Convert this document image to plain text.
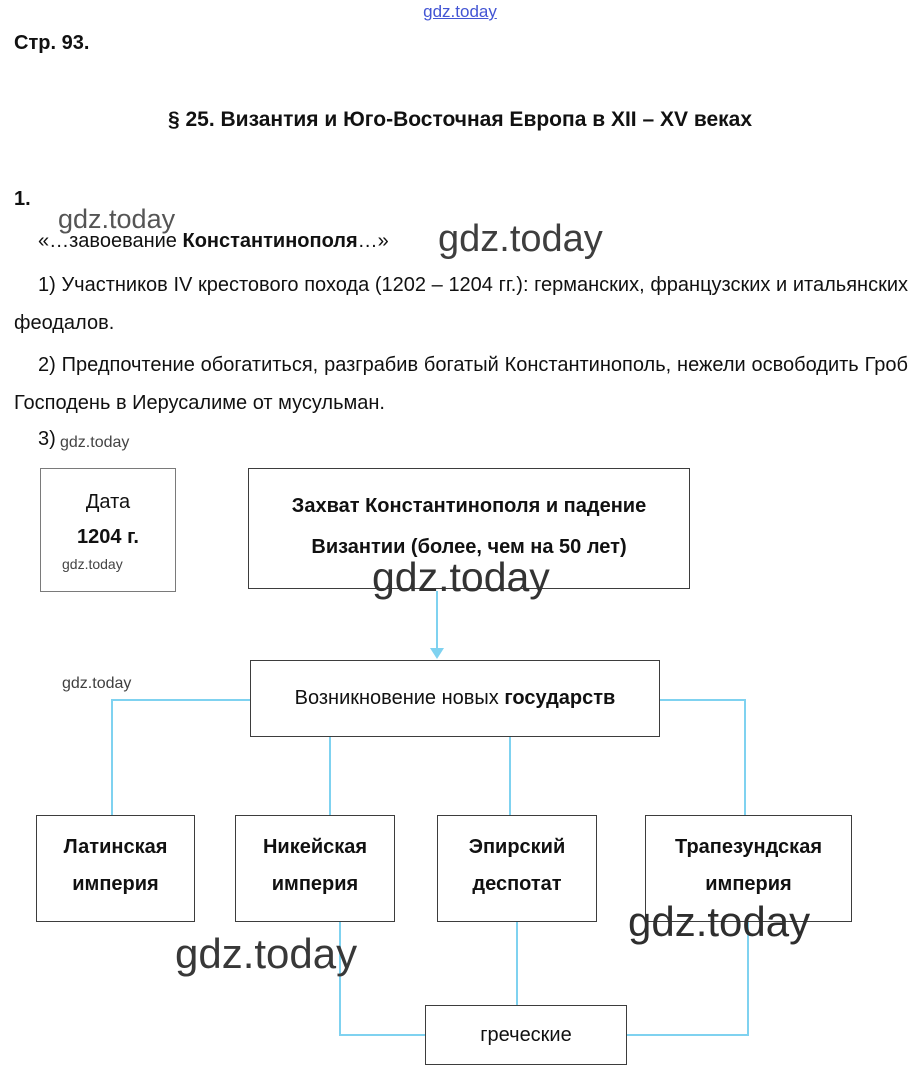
gdz.today
gdz.today	gdz.today
gdz.today
gdz.today	gdz.today
gdz.today
gdz.today
gdz.today
Стр. 93.
§ 25. Византия и Юго-Восточная Европа в XII – XV веках
1.
«…завоевание Константинополя…»
1) Участников IV крестового похода (1202 – 1204 гг.): германских, французских и итальянских феодалов.
2) Предпочтение обогатиться, разграбив богатый Константинополь, нежели освободить Гроб Господень в Иерусалиме от мусульман.
3)
Дата
1204 г.
Захват Константинополя и падение
Византии (более, чем на 50 лет)
Возникновение новых государств
Латинская
империя
Никейская
империя
Эпирский
деспотат
Трапезундская
империя
греческие
